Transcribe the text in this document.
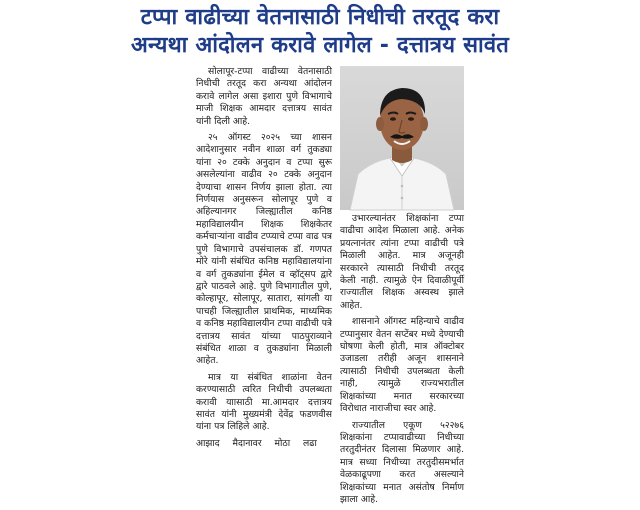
टप्पा वाढीच्या वेतनासाठी निधीची तरतूद करा
अन्यथा आंदोलन करावे लागेल - दत्तात्रय सावंत

सोलापूर-टप्पा वाढीच्या वेतनासाठी निधीची तरतूद करा अन्यथा आंदोलन करावे लागेल असा इशारा पुणे विभागाचे माजी शिक्षक आमदार दत्तात्रय सावंत यांनी दिली आहे.

२५ ऑगस्ट २०२५ च्या शासन आदेशानुसार नवीन शाळा वर्ग तुकड्या यांना २० टक्के अनुदान व टप्पा सुरू असलेल्यांना वाढीव २० टक्के अनुदान देण्याचा शासन निर्णय झाला होता. त्या निर्णयास अनुसरून सोलापूर पुणे व अहिल्यानगर जिल्ह्यातील कनिष्ठ महाविद्यालयीन शिक्षक शिक्षकेतर कर्मचाऱ्यांना वाढीव टप्प्याचे टप्पा वाढ पत्र पुणे विभागाचे उपसंचालक डॉ. गणपत मोरे यांनी संबंधित कनिष्ठ महाविद्यालयांना व वर्ग तुकड्यांना ईमेल व व्हॉट्सप द्वारे द्वारे पाठवले आहे. पुणे विभागातील पुणे, कोल्हापूर, सोलापूर, सातारा, सांगली या पाचही जिल्ह्यातील प्राथमिक, माध्यमिक व कनिष्ठ महाविद्यालयीन टप्पा वाढीची पत्रे दत्तात्रय सावंत यांच्या पाठपुराव्याने संबंधित शाळा व तुकड्यांना मिळाली आहेत.

मात्र या संबंधित शाळांना वेतन करण्यासाठी त्वरित निधीची उपलब्धता करावी याासाठी मा.आमदार दत्तात्रय सावंत यांनी मुख्यमंत्री देवेंद्र फडणवीस यांना पत्र लिहिले आहे.

आझाद मैदानावर मोठा लढा

उभारल्यानंतर शिक्षकांना टप्पा वाढीचा आदेश मिळाला आहे. अनेक प्रयत्नानंतर त्यांना टप्पा वाढीची पत्रे मिळाली आहेत. मात्र अजूनही सरकारने त्यासाठी निधीची तरतूद केली नाही. त्यामुळे ऐन दिवाळीपूर्वी राज्यातील शिक्षक अस्वस्थ झाले आहेत.

शासनाने ऑगस्ट महिन्याचे वाढीव टप्पानुसार वेतन सप्टेंबर मध्ये देण्याची घोषणा केली होती, मात्र ऑक्टोबर उजाडला तरीही अजून शासनाने त्यासाठी निधीची उपलब्धता केली नाही, त्यामुळे राज्यभरातील शिक्षकांच्या मनात सरकारच्या विरोधात नाराजीचा स्वर आहे.

राज्यातील एकूण ५२२७६ शिक्षकांना टप्पावाढीच्या निधीच्या तरतुदीनंतर दिलासा मिळणार आहे. मात्र सध्या निधीच्या तरतुदीसमर्भात वेळकाढूपणा करत असल्याने शिक्षकांच्या मनात असंतोष निर्माण झाला आहे.
